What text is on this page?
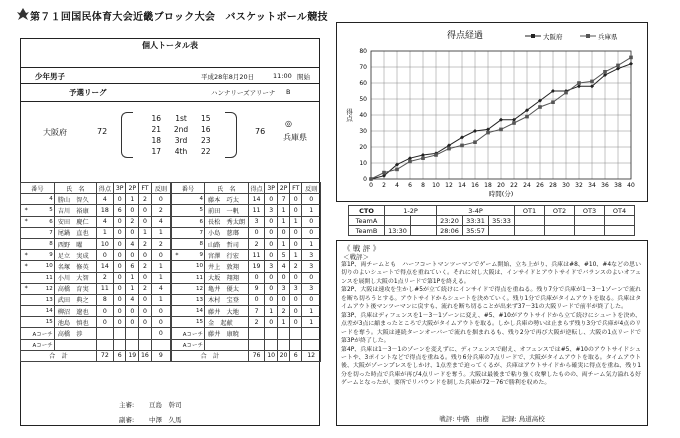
第７１回国民体育大会近畿ブロック大会　バスケットボール競技
個人トータル表
少年男子	平成28年8月20日	11:00 開始
予選リーグ	ハンナリーズアリーナ B
大阪府	72
16	1st	15
21	2nd	16
18	3rd	23
17	4th	22
76
◎
兵庫県
番号		氏　名	得点	3P	2P	FT	反則
	4	勝山　智久	4	0	1	2	0
*	5	吉川　裕康	18	6	0	0	2
*	6	安田　慶仁	4	0	2	0	4
	7	尾鍋　直也	1	0	0	1	1
	8	西野　曜	10	0	4	2	2
*	9	足立　実成	0	0	0	0	0
*	10	名塚　修英	14	0	6	2	1
	11	小川　大智	2	0	1	0	1
*	12	高橋　育実	11	0	1	2	4
	13	武田　典之	8	0	4	0	1
	14	柳沼　遼也	0	0	0	0	0
	15	池島　慎也	0	0	0	0	0
	Aコーチ	高橋　渉					0
	Aコーチ						
合　計			72	6	19	16	9
番号		氏　名	得点	3P	2P	FT	反則
	4	藤本　巧太	14	0	7	0	0
	5	前田　一帆	11	3	1	0	1
	6	長松　秀太朗	3	0	1	1	0
	7	小島　慈瑯	0	0	0	0	0
	8	山路　哲司	2	0	1	0	1
*	9	宮澤　行宏	11	0	5	1	3
	10	井上　敦翔	19	3	4	2	3
	11	大坂　翔翔	0	0	0	0	0
	12	亀井　優太	9	0	3	3	3
	13	木村　宝登	0	0	0	0	0
	14	藤井　大地	7	1	2	0	1
	15	金　起献	2	0	1	0	1
	Aコーチ	藤井　康暁					
	Aコーチ						
合　計			76	10	20	6	12
主審: 亘島　幹司
副審: 中澤　久馬
得点経過	大阪府	兵庫県
0
10
20
30
40
50
60
70
80
0 2 4 6 8 10 12 14 16 18 20 22 24 26 28 30 32 34 36 38 40
時間(分)
得点
CTO	1-2P		3-4P			OT1	OT2	OT3	OT4
TeamA			23:20	33:31	35:33				
TeamB	13:30		28:06	35:57					
《 戦 評 》
＜戦評＞

第1P、両チームとも　ハーフコートマンツーマンでゲーム開始、立ち上がり、兵庫は#8、#10、#4などの思い切りのよいシュートで得点を重ねていく。それに対し大阪は、インサイドとアウトサイドでバランスのよいオフェンスを展開し大阪の1点リードで第1Pを終える。

第2P、大阪は速攻を生かし#5が立て続けにインサイドで得点を重ねる。残り7分で兵庫が1－3－1ゾーンで流れを断ち切ろうとする。アウトサイドからシュートを決めていく。残り1分で兵庫がタイムアウトを取る。兵庫はタイムアウト後マンツーマンに戻すも、流れを断ち切ることが出来ず37－31の大阪リードで前半が終了した。

第3P、兵庫はディフェンスを1－3－1ゾーンに変え、#5、#10がアウトサイドから立て続けにシュートを決め、点差が3点に縮まったところで大阪がタイムアウトを取る。しかし兵庫の勢いは止まらず残り3分で兵庫が4点のリードを奪う。大阪は連続ターンオーバーで流れを掴まれるも、残り2分で再び大阪が逆転し、大阪の1点リードで第3Pが終了した。

第4P、兵庫は1－3－1のゾーンを変えずに、ディフェンスで耐え、オフェンスでは#5、#10のアウトサイドシュートや、3ポイントなどで得点を重ねる。残り6分兵庫の7点リードで、大阪がタイムアウトを取る。タイムアウト後、大阪がゾーンプレスをしかけ、1点差まで迫ってくるが、兵庫はアウトサイドから確実に得点を重ね、残り1分を切った時点で兵庫が再び4点リードを奪う。大阪は最後まで粘り強く攻撃したものの、両チーム気力溢れる好ゲームとなったが、要所でリバウンドを制した兵庫が72－76で勝利を収めた。

戦評: 中路　由樹 記録: 鳥道高校
